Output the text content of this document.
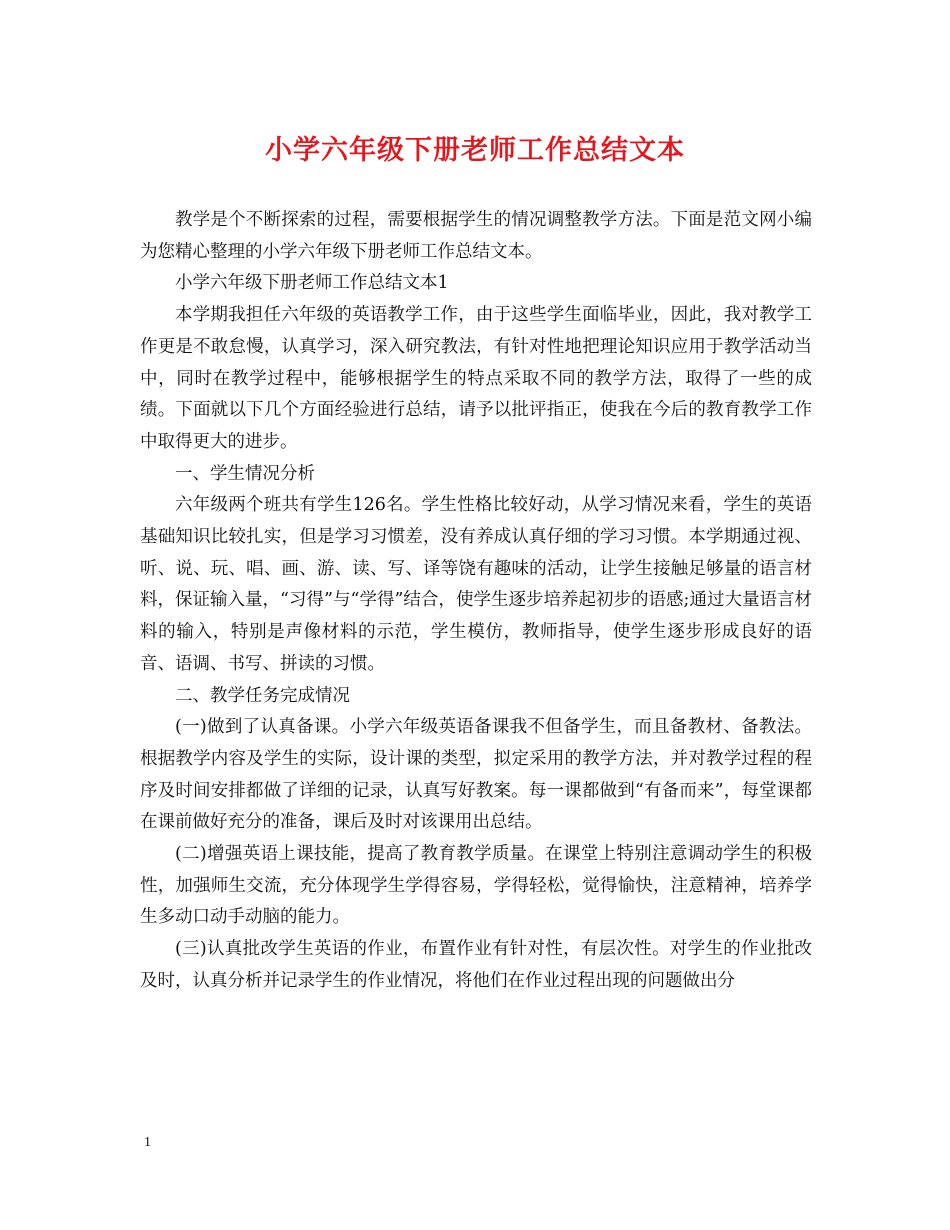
小学六年级下册老师工作总结文本

教学是个不断探索的过程，需要根据学生的情况调整教学方法。下面是范文网小编为您精心整理的小学六年级下册老师工作总结文本。

小学六年级下册老师工作总结文本1

本学期我担任六年级的英语教学工作，由于这些学生面临毕业，因此，我对教学工作更是不敢怠慢，认真学习，深入研究教法，有针对性地把理论知识应用于教学活动当中，同时在教学过程中，能够根据学生的特点采取不同的教学方法，取得了一些的成绩。下面就以下几个方面经验进行总结，请予以批评指正，使我在今后的教育教学工作中取得更大的进步。

一、学生情况分析

六年级两个班共有学生126名。学生性格比较好动，从学习情况来看，学生的英语基础知识比较扎实，但是学习习惯差，没有养成认真仔细的学习习惯。本学期通过视、听、说、玩、唱、画、游、读、写、译等饶有趣味的活动，让学生接触足够量的语言材料，保证输入量，“习得”与“学得”结合，使学生逐步培养起初步的语感;通过大量语言材料的输入，特别是声像材料的示范，学生模仿，教师指导，使学生逐步形成良好的语音、语调、书写、拼读的习惯。

二、教学任务完成情况

(一)做到了认真备课。小学六年级英语备课我不但备学生，而且备教材、备教法。根据教学内容及学生的实际，设计课的类型，拟定采用的教学方法，并对教学过程的程序及时间安排都做了详细的记录，认真写好教案。每一课都做到“有备而来”，每堂课都在课前做好充分的准备，课后及时对该课用出总结。

(二)增强英语上课技能，提高了教育教学质量。在课堂上特别注意调动学生的积极性，加强师生交流，充分体现学生学得容易，学得轻松，觉得愉快，注意精神，培养学生多动口动手动脑的能力。

(三)认真批改学生英语的作业，布置作业有针对性，有层次性。对学生的作业批改及时，认真分析并记录学生的作业情况，将他们在作业过程出现的问题做出分

1
